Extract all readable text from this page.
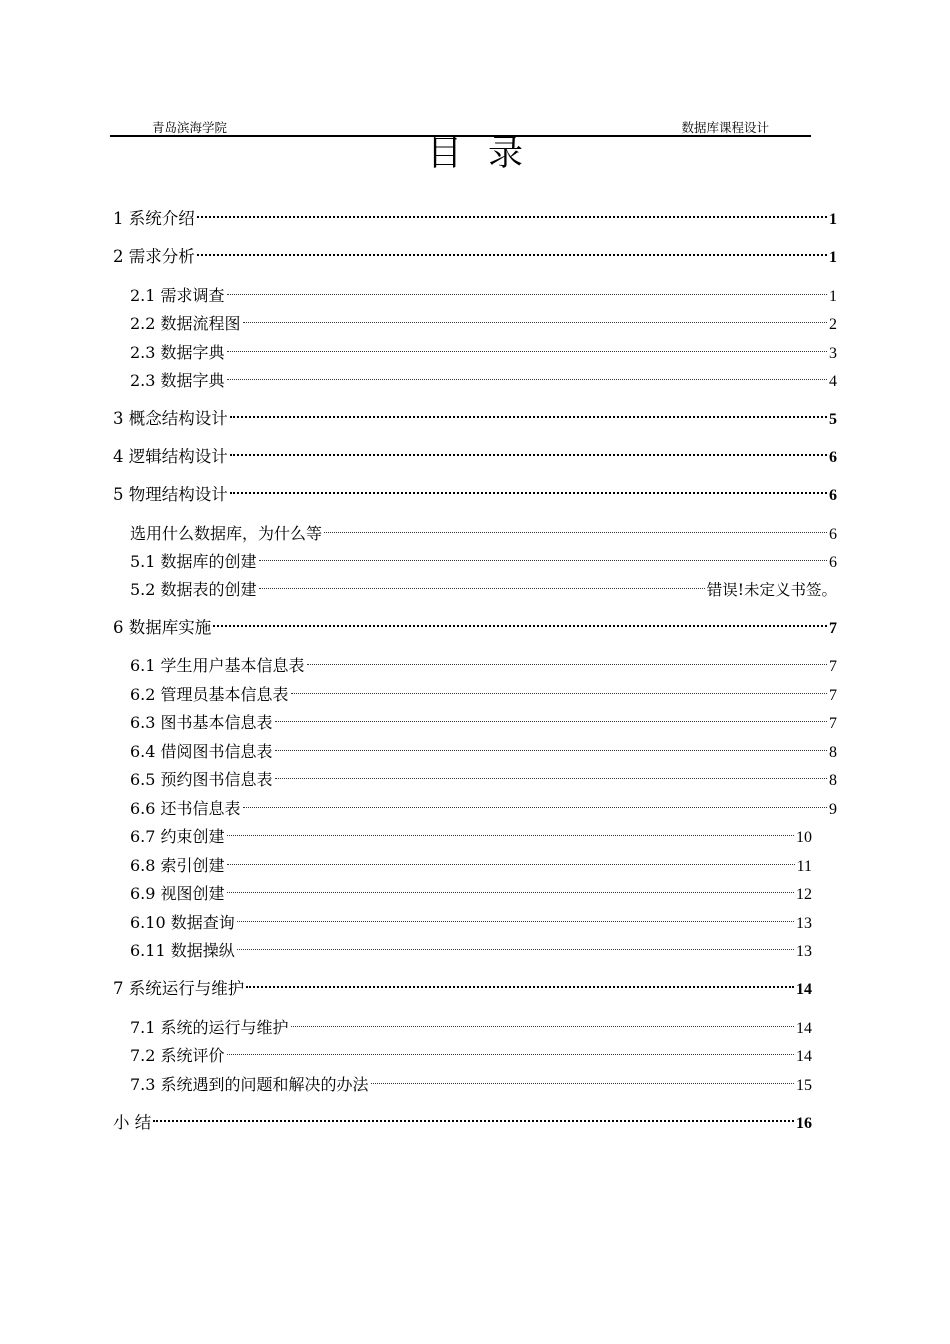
青岛滨海学院	数据库课程设计
目录
1 系统介绍	1
2 需求分析	1
2.1 需求调查	1
2.2 数据流程图	2
2.3 数据字典	3
2.3 数据字典	4
3 概念结构设计	5
4 逻辑结构设计	6
5 物理结构设计	6
选用什么数据库，为什么等	6
5.1 数据库的创建	6
5.2 数据表的创建	错误!未定义书签。
6 数据库实施	7
6.1 学生用户基本信息表	7
6.2 管理员基本信息表	7
6.3 图书基本信息表	7
6.4 借阅图书信息表	8
6.5 预约图书信息表	8
6.6 还书信息表	9
6.7 约束创建	10
6.8 索引创建	11
6.9 视图创建	12
6.10 数据查询	13
6.11 数据操纵	13
7 系统运行与维护	14
7.1 系统的运行与维护	14
7.2 系统评价	14
7.3 系统遇到的问题和解决的办法	15
小 结	16
